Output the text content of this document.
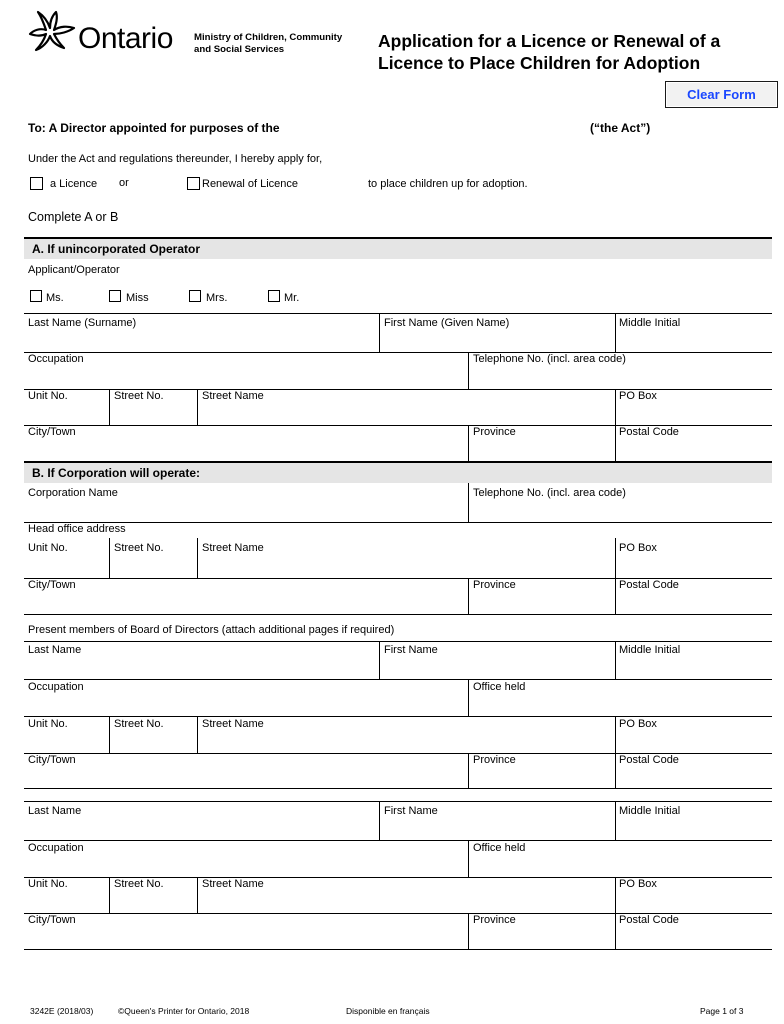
Ontario Ministry of Children, Community
and Social Services	Application for a Licence or Renewal of a
Licence to Place Children for Adoption
Clear Form
To: A Director appointed for purposes of the	(“the Act”)
Under the Act and regulations thereunder, I hereby apply for,
a Licence or	Renewal of Licence	to place children up for adoption.
Complete A or B
A. If unincorporated Operator
Applicant/Operator
Ms.	Miss	Mrs.	Mr.
Last Name (Surname)	First Name (Given Name)	Middle Initial
Occupation	Telephone No. (incl. area code)
Unit No.	Street No.	Street Name	PO Box
City/Town	Province	Postal Code
B. If Corporation will operate:
Corporation Name	Telephone No. (incl. area code)
Head office address
Unit No.	Street No.	Street Name	PO Box
City/Town	Province	Postal Code
Present members of Board of Directors (attach additional pages if required)
Last Name	First Name	Middle Initial
Occupation	Office held
Unit No.	Street No.	Street Name	PO Box
City/Town	Province	Postal Code
Last Name	First Name	Middle Initial
Occupation	Office held
Unit No.	Street No.	Street Name	PO Box
City/Town	Province	Postal Code
3242E (2018/03)	©Queen's Printer for Ontario, 2018	Disponible en français	Page 1 of 3
